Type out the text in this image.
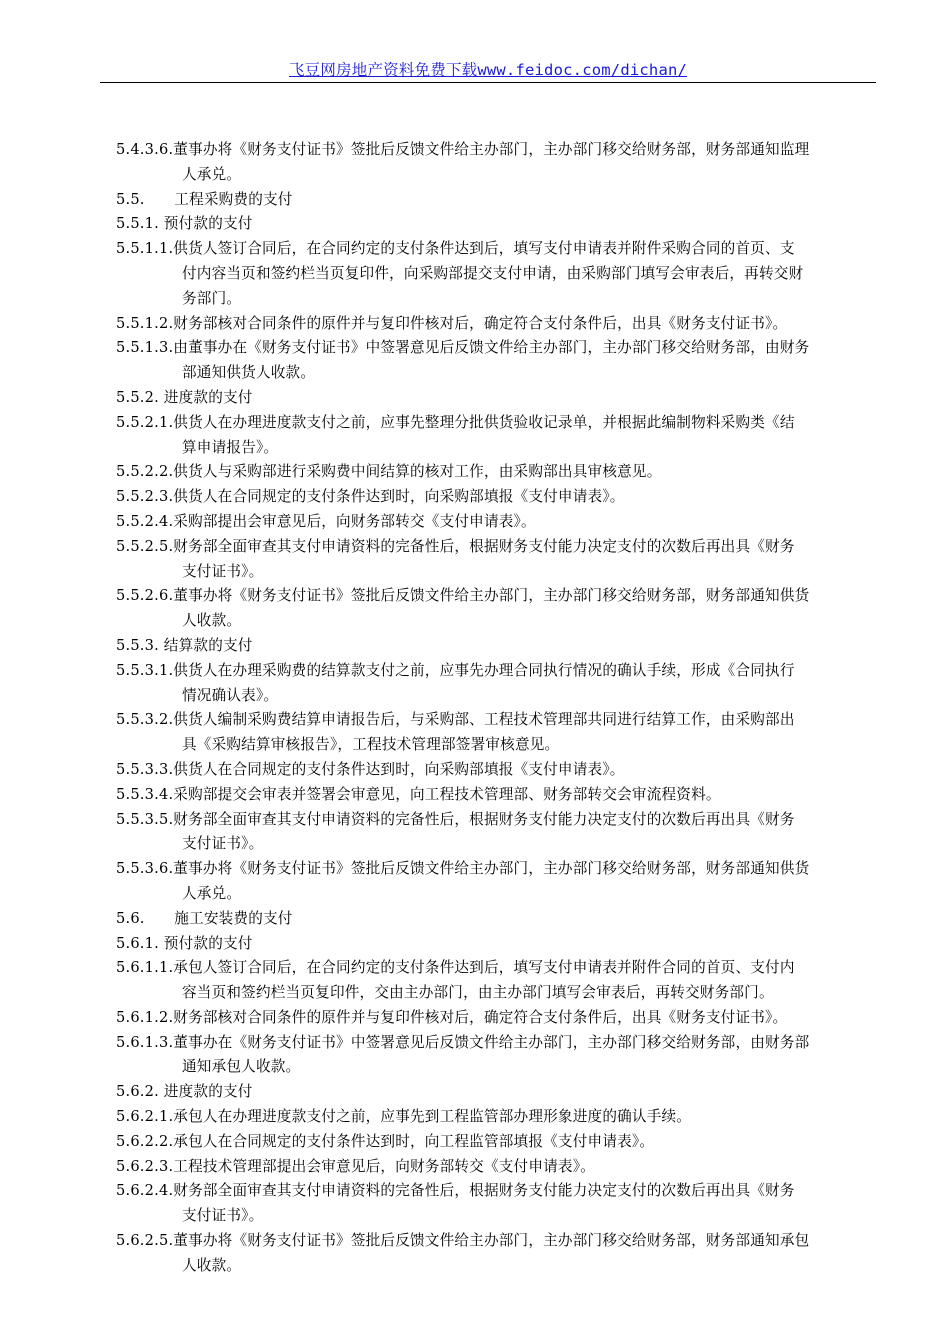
飞豆网房地产资料免费下载www.feidoc.com/dichan/
5.4.3.6.董事办将《财务支付证书》签批后反馈文件给主办部门，主办部门移交给财务部，财务部通知监理
人承兑。
5.5.　　工程采购费的支付
5.5.1. 预付款的支付
5.5.1.1.供货人签订合同后，在合同约定的支付条件达到后，填写支付申请表并附件采购合同的首页、支
付内容当页和签约栏当页复印件，向采购部提交支付申请，由采购部门填写会审表后，再转交财
务部门。
5.5.1.2.财务部核对合同条件的原件并与复印件核对后，确定符合支付条件后，出具《财务支付证书》。
5.5.1.3.由董事办在《财务支付证书》中签署意见后反馈文件给主办部门，主办部门移交给财务部，由财务
部通知供货人收款。
5.5.2. 进度款的支付
5.5.2.1.供货人在办理进度款支付之前，应事先整理分批供货验收记录单，并根据此编制物料采购类《结
算申请报告》。
5.5.2.2.供货人与采购部进行采购费中间结算的核对工作，由采购部出具审核意见。
5.5.2.3.供货人在合同规定的支付条件达到时，向采购部填报《支付申请表》。
5.5.2.4.采购部提出会审意见后，向财务部转交《支付申请表》。
5.5.2.5.财务部全面审查其支付申请资料的完备性后，根据财务支付能力决定支付的次数后再出具《财务
支付证书》。
5.5.2.6.董事办将《财务支付证书》签批后反馈文件给主办部门，主办部门移交给财务部，财务部通知供货
人收款。
5.5.3. 结算款的支付
5.5.3.1.供货人在办理采购费的结算款支付之前，应事先办理合同执行情况的确认手续，形成《合同执行
情况确认表》。
5.5.3.2.供货人编制采购费结算申请报告后，与采购部、工程技术管理部共同进行结算工作，由采购部出
具《采购结算审核报告》，工程技术管理部签署审核意见。
5.5.3.3.供货人在合同规定的支付条件达到时，向采购部填报《支付申请表》。
5.5.3.4.采购部提交会审表并签署会审意见，向工程技术管理部、财务部转交会审流程资料。
5.5.3.5.财务部全面审查其支付申请资料的完备性后，根据财务支付能力决定支付的次数后再出具《财务
支付证书》。
5.5.3.6.董事办将《财务支付证书》签批后反馈文件给主办部门，主办部门移交给财务部，财务部通知供货
人承兑。
5.6.　　施工安装费的支付
5.6.1. 预付款的支付
5.6.1.1.承包人签订合同后，在合同约定的支付条件达到后，填写支付申请表并附件合同的首页、支付内
容当页和签约栏当页复印件，交由主办部门，由主办部门填写会审表后，再转交财务部门。
5.6.1.2.财务部核对合同条件的原件并与复印件核对后，确定符合支付条件后，出具《财务支付证书》。
5.6.1.3.董事办在《财务支付证书》中签署意见后反馈文件给主办部门，主办部门移交给财务部，由财务部
通知承包人收款。
5.6.2. 进度款的支付
5.6.2.1.承包人在办理进度款支付之前，应事先到工程监管部办理形象进度的确认手续。
5.6.2.2.承包人在合同规定的支付条件达到时，向工程监管部填报《支付申请表》。
5.6.2.3.工程技术管理部提出会审意见后，向财务部转交《支付申请表》。
5.6.2.4.财务部全面审查其支付申请资料的完备性后，根据财务支付能力决定支付的次数后再出具《财务
支付证书》。
5.6.2.5.董事办将《财务支付证书》签批后反馈文件给主办部门，主办部门移交给财务部，财务部通知承包
人收款。
